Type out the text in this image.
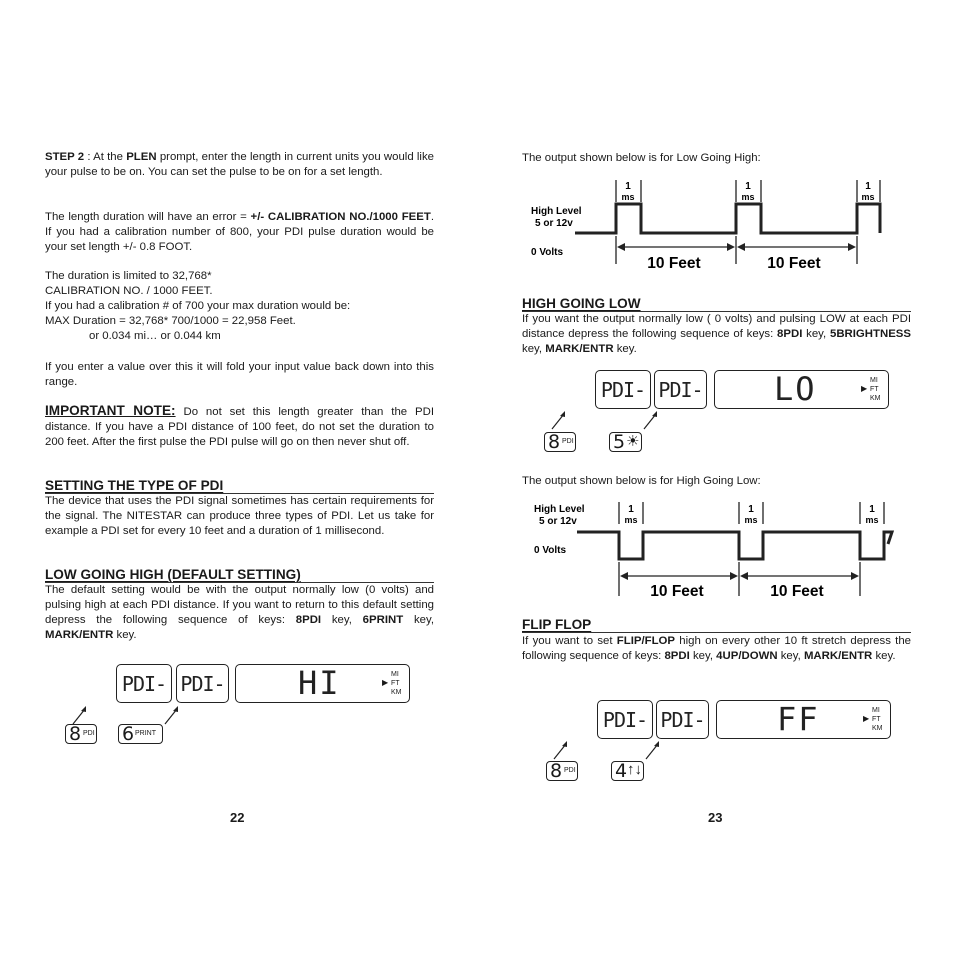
STEP 2 : At the PLEN prompt, enter the length in current units you would like your pulse to be on. You can set the pulse to be on for a set length.

The length duration will have an error = +/- CALIBRATION NO./1000 FEET. If you had a calibration number of 800, your PDI pulse duration would be your set length +/- 0.8 FOOT.

The duration is limited to 32,768*
CALIBRATION NO. / 1000 FEET.
If you had a calibration # of 700 your max duration would be:
MAX Duration = 32,768* 700/1000 = 22,958 Feet.
or 0.034 mi… or 0.044 km

If you enter a value over this it will fold your input value back down into this range.

IMPORTANT NOTE: Do not set this length greater than the PDI distance. If you have a PDI distance of 100 feet, do not set the duration to 200 feet. After the first pulse the PDI pulse will go on then never shut off.

SETTING THE TYPE OF PDI

The device that uses the PDI signal sometimes has certain requirements for the signal. The NITESTAR can produce three types of PDI. Let us take for example a PDI set for every 10 feet and a duration of 1 millisecond.

LOW GOING HIGH (DEFAULT SETTING)

The default setting would be with the output normally low (0 volts) and pulsing high at each PDI distance. If you want to return to this default setting depress the following sequence of keys: 8PDI key, 6PRINT key, MARK/ENTR key.

PDI- PDI- HI	▶
MI
FT
KM
8 PDI 6 PRINT
22

The output shown below is for Low Going High:

High Level
5 or 12v
0 Volts
1
ms
1
ms
1
ms
10 Feet	10 Feet
HIGH GOING LOW

If you want the output normally low ( 0 volts) and pulsing LOW at each PDI distance depress the following sequence of keys: 8PDI key, 5BRIGHTNESS key, MARK/ENTR key.

PDI- PDI- LO	▶
MI
FT
KM
8 PDI 5 ☀

The output shown below is for High Going Low:

High Level
5 or 12v
0 Volts
1
ms
1
ms
1
ms
10 Feet	10 Feet
FLIP FLOP

If you want to set FLIP/FLOP high on every other 10 ft stretch depress the following sequence of keys: 8PDI key, 4UP/DOWN key, MARK/ENTR key.

PDI- PDI- FF	▶
MI
FT
KM
8 PDI 4 ↑↓
23
